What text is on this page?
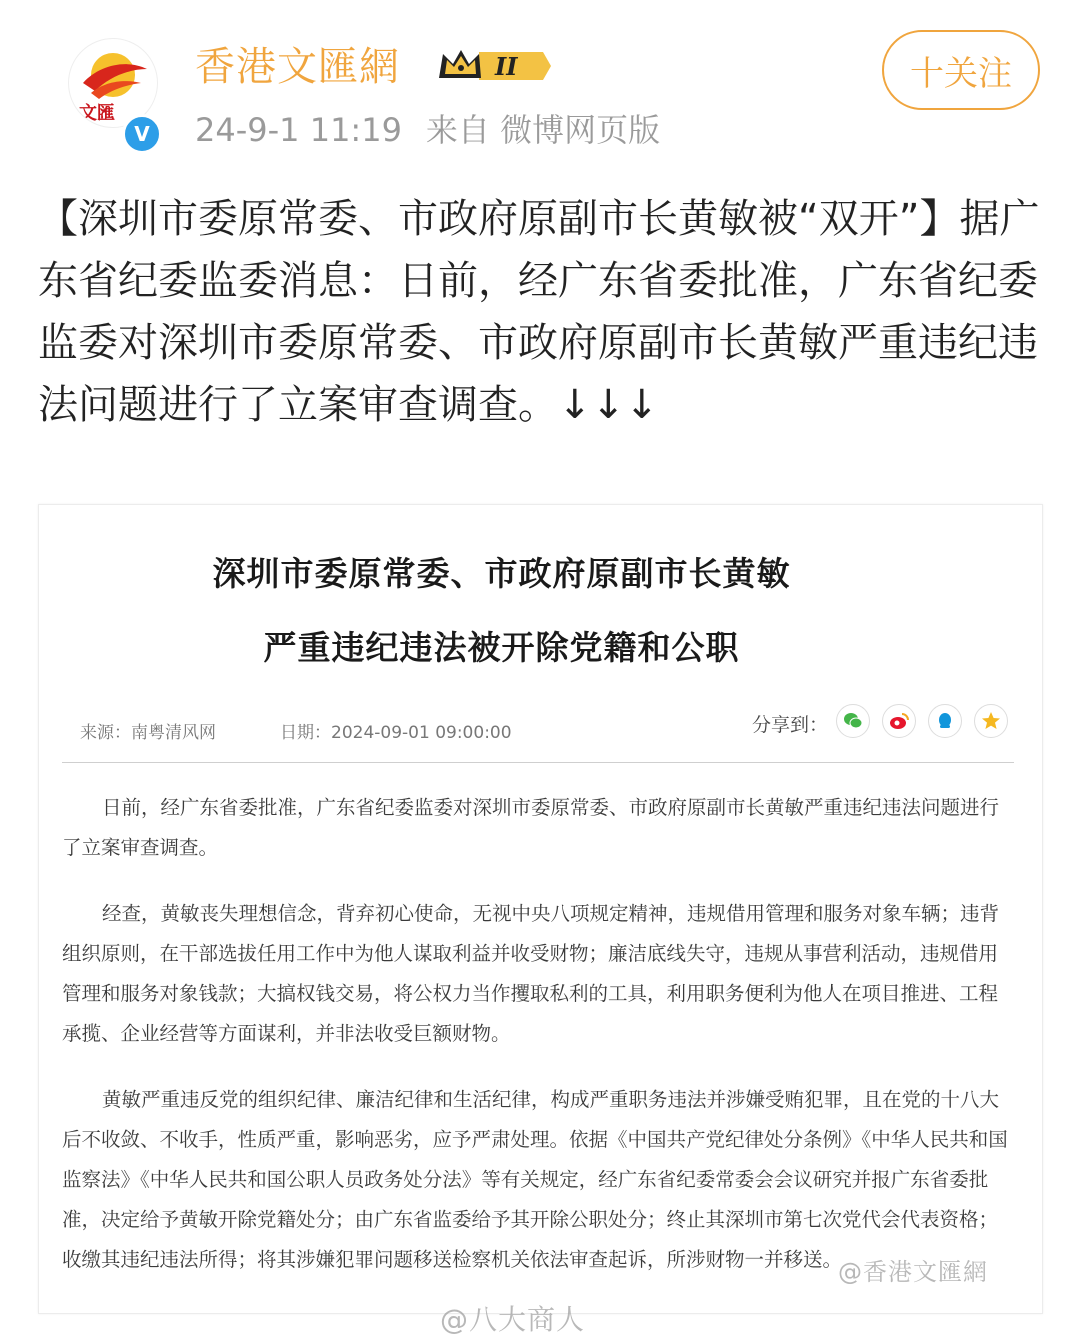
文匯
V
香港文匯網	II
24-9-1 11:19 来自 微博网页版
十关注

【深圳市委原常委、市政府原副市长黄敏被“双开”】据广东省纪委监委消息：日前，经广东省委批准，广东省纪委监委对深圳市委原常委、市政府原副市长黄敏严重违纪违法问题进行了立案审查调查。↓↓↓

深圳市委原常委、市政府原副市长黄敏
严重违纪违法被开除党籍和公职
来源：南粤清风网	日期：2024-09-01 09:00:00	分享到：

日前，经广东省委批准，广东省纪委监委对深圳市委原常委、市政府原副市长黄敏严重违纪违法问题进行了立案审查调查。

经查，黄敏丧失理想信念，背弃初心使命，无视中央八项规定精神，违规借用管理和服务对象车辆；违背组织原则，在干部选拔任用工作中为他人谋取利益并收受财物；廉洁底线失守，违规从事营利活动，违规借用管理和服务对象钱款；大搞权钱交易，将公权力当作攫取私利的工具，利用职务便利为他人在项目推进、工程承揽、企业经营等方面谋利，并非法收受巨额财物。

黄敏严重违反党的组织纪律、廉洁纪律和生活纪律，构成严重职务违法并涉嫌受贿犯罪，且在党的十八大后不收敛、不收手，性质严重，影响恶劣，应予严肃处理。依据《中国共产党纪律处分条例》《中华人民共和国监察法》《中华人民共和国公职人员政务处分法》等有关规定，经广东省纪委常委会会议研究并报广东省委批准，决定给予黄敏开除党籍处分；由广东省监委给予其开除公职处分；终止其深圳市第七次党代会代表资格；收缴其违纪违法所得；将其涉嫌犯罪问题移送检察机关依法审查起诉，所涉财物一并移送。

@香港文匯網
@八大商人
